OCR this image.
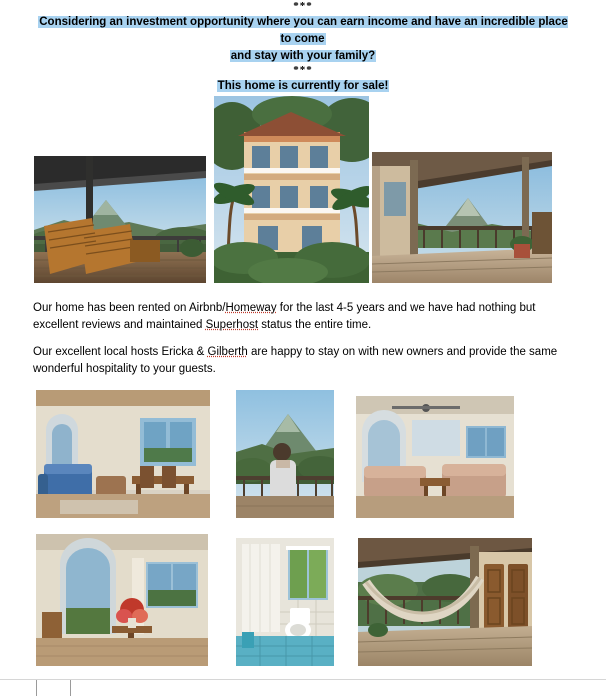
***
Considering an investment opportunity where you can earn income and have an incredible place to come
and stay with your family?
***
This home is currently for sale!
Our home has been rented on Airbnb/Homeway for the last 4-5 years and we have had nothing but excellent reviews and maintained Superhost status the entire time.
Our excellent local hosts Ericka & Gilberth are happy to stay on with new owners and provide the same wonderful hospitality to your guests.
